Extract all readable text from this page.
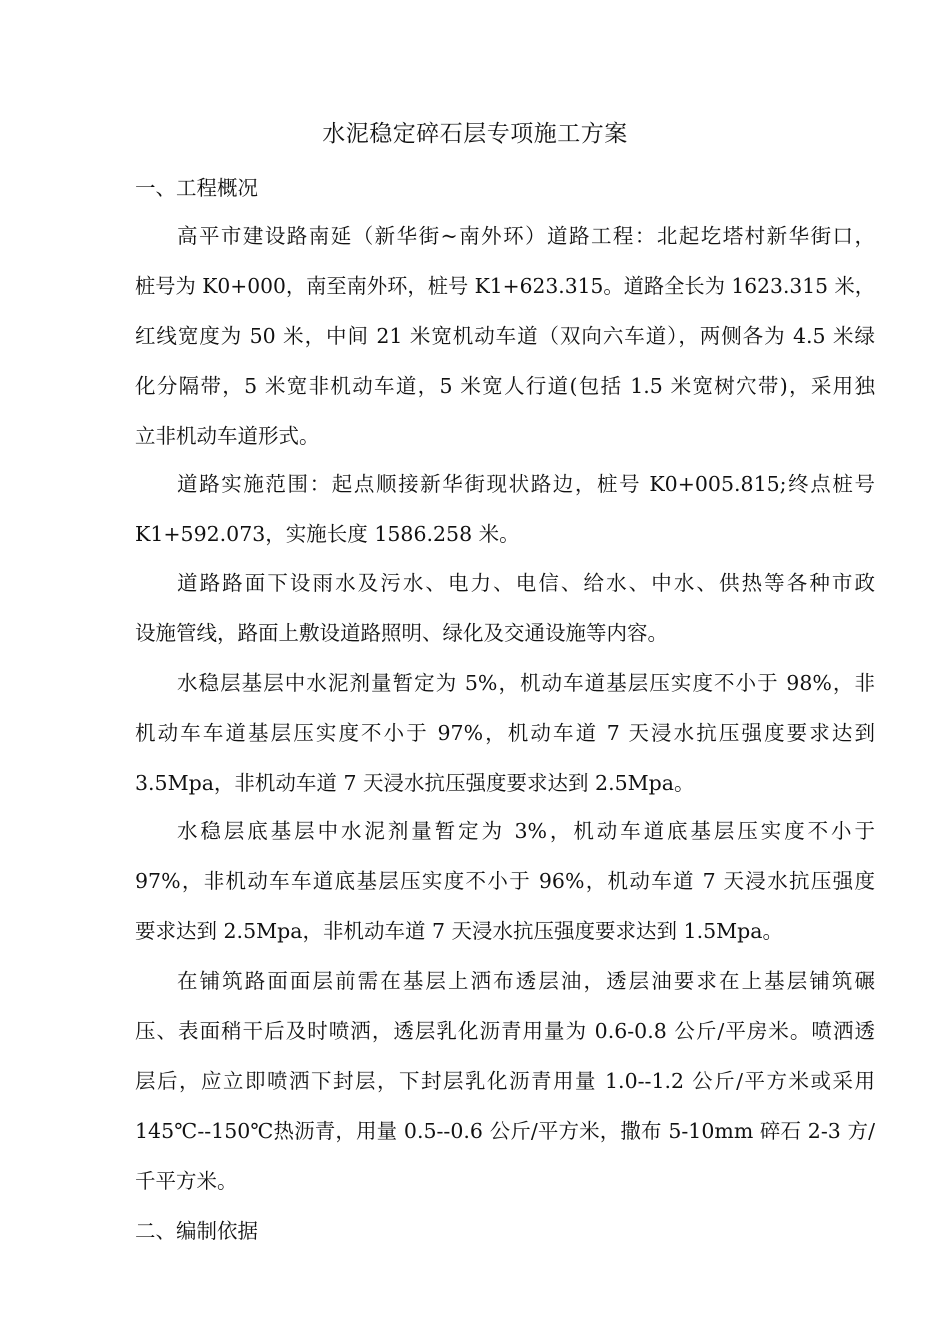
水泥稳定碎石层专项施工方案
一、工程概况
高平市建设路南延（新华街~南外环）道路工程：北起圪塔村新华街口，
桩号为 K0+000，南至南外环，桩号 K1+623.315。道路全长为 1623.315 米，
红线宽度为 50 米，中间 21 米宽机动车道（双向六车道），两侧各为 4.5 米绿
化分隔带，5 米宽非机动车道，5 米宽人行道(包括 1.5 米宽树穴带)，采用独
立非机动车道形式。
道路实施范围：起点顺接新华街现状路边，桩号 K0+005.815;终点桩号
K1+592.073，实施长度 1586.258 米。
道路路面下设雨水及污水、电力、电信、给水、中水、供热等各种市政
设施管线，路面上敷设道路照明、绿化及交通设施等内容。
水稳层基层中水泥剂量暂定为 5%，机动车道基层压实度不小于 98%，非
机动车车道基层压实度不小于 97%，机动车道 7 天浸水抗压强度要求达到
3.5Mpa，非机动车道 7 天浸水抗压强度要求达到 2.5Mpa。
水稳层底基层中水泥剂量暂定为 3%，机动车道底基层压实度不小于
97%，非机动车车道底基层压实度不小于 96%，机动车道 7 天浸水抗压强度
要求达到 2.5Mpa，非机动车道 7 天浸水抗压强度要求达到 1.5Mpa。
在铺筑路面面层前需在基层上洒布透层油，透层油要求在上基层铺筑碾
压、表面稍干后及时喷洒，透层乳化沥青用量为 0.6-0.8 公斤/平房米。喷洒透
层后，应立即喷洒下封层，下封层乳化沥青用量 1.0--1.2 公斤/平方米或采用
145℃--150℃热沥青，用量 0.5--0.6 公斤/平方米，撒布 5-10mm 碎石 2-3 方/
千平方米。
二、编制依据
